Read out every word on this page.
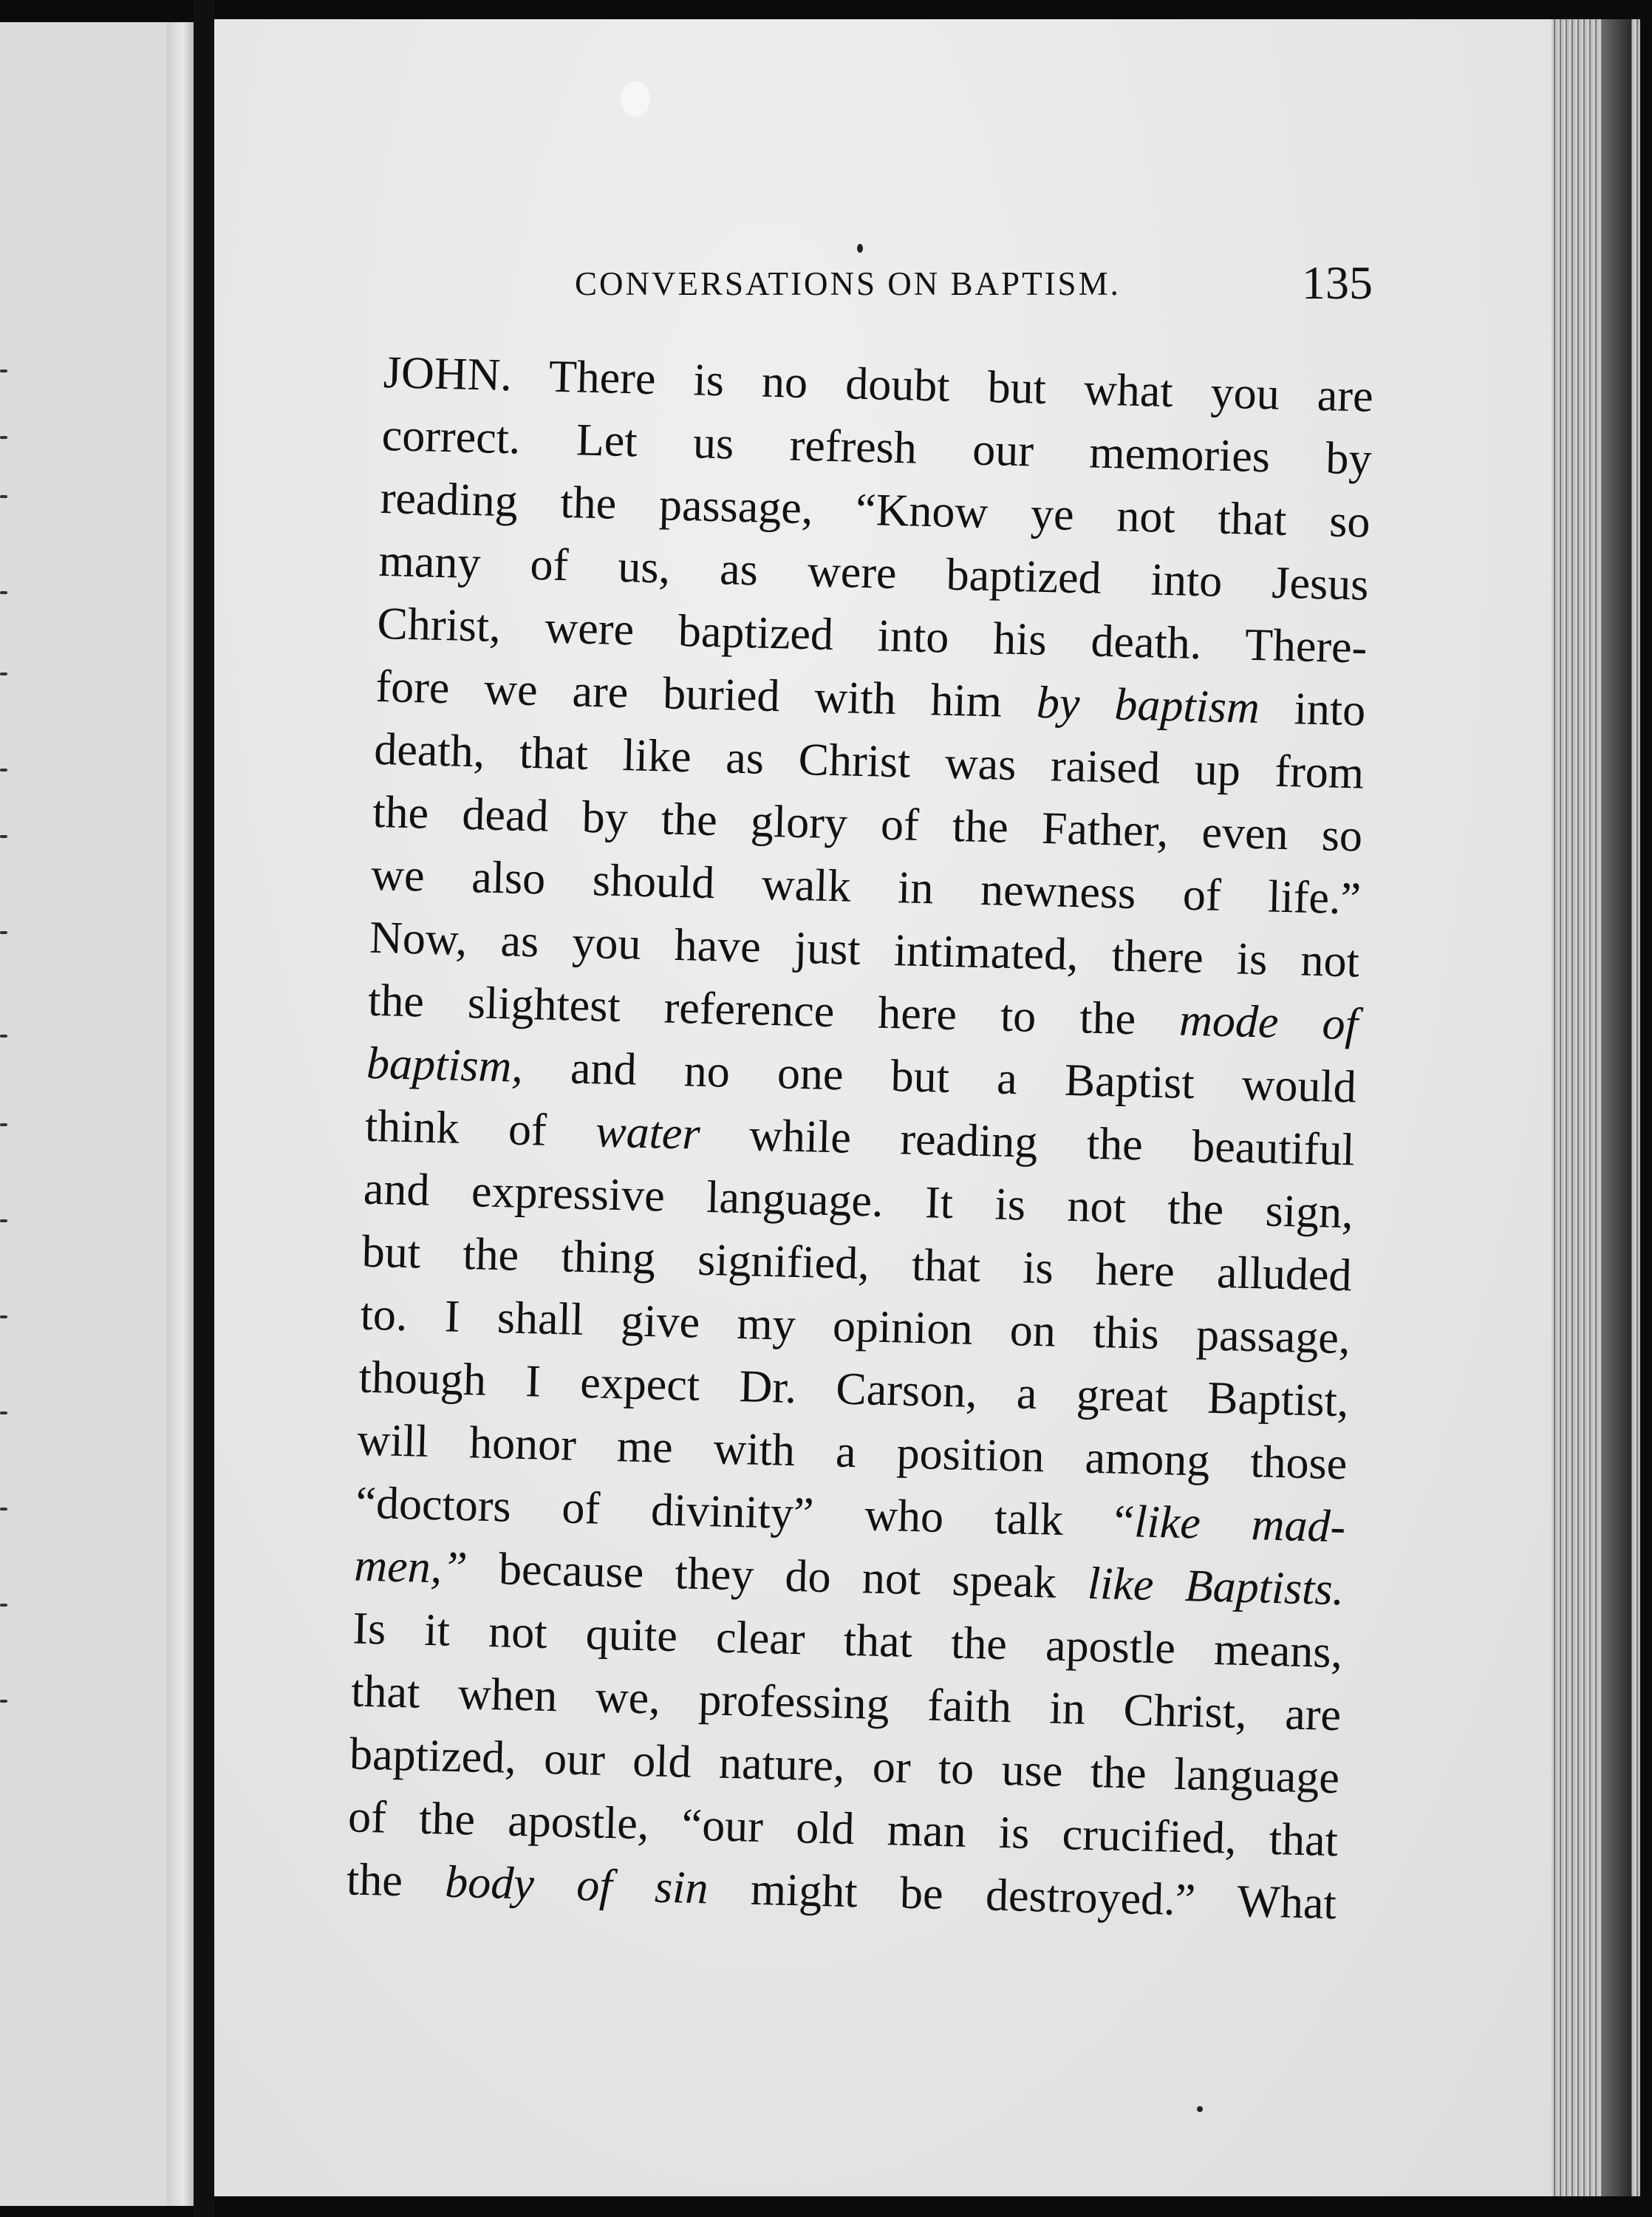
CONVERSATIONS ON BAPTISM.	135
JOHN. There is no doubt but what you are
correct. Let us refresh our memories by
reading the passage, “Know ye not that so
many of us, as were baptized into Jesus
Christ, were baptized into his death. There-
fore we are buried with him by baptism into
death, that like as Christ was raised up from
the dead by the glory of the Father, even so
we also should walk in newness of life.”
Now, as you have just intimated, there is not
the slightest reference here to the mode of
baptism, and no one but a Baptist would
think of water while reading the beautiful
and expressive language. It is not the sign,
but the thing signified, that is here alluded
to. I shall give my opinion on this passage,
though I expect Dr. Carson, a great Baptist,
will honor me with a position among those
“doctors of divinity” who talk “like mad-
men,” because they do not speak like Baptists.
Is it not quite clear that the apostle means,
that when we, professing faith in Christ, are
baptized, our old nature, or to use the language
of the apostle, “our old man is crucified, that
the body of sin might be destroyed.” What
